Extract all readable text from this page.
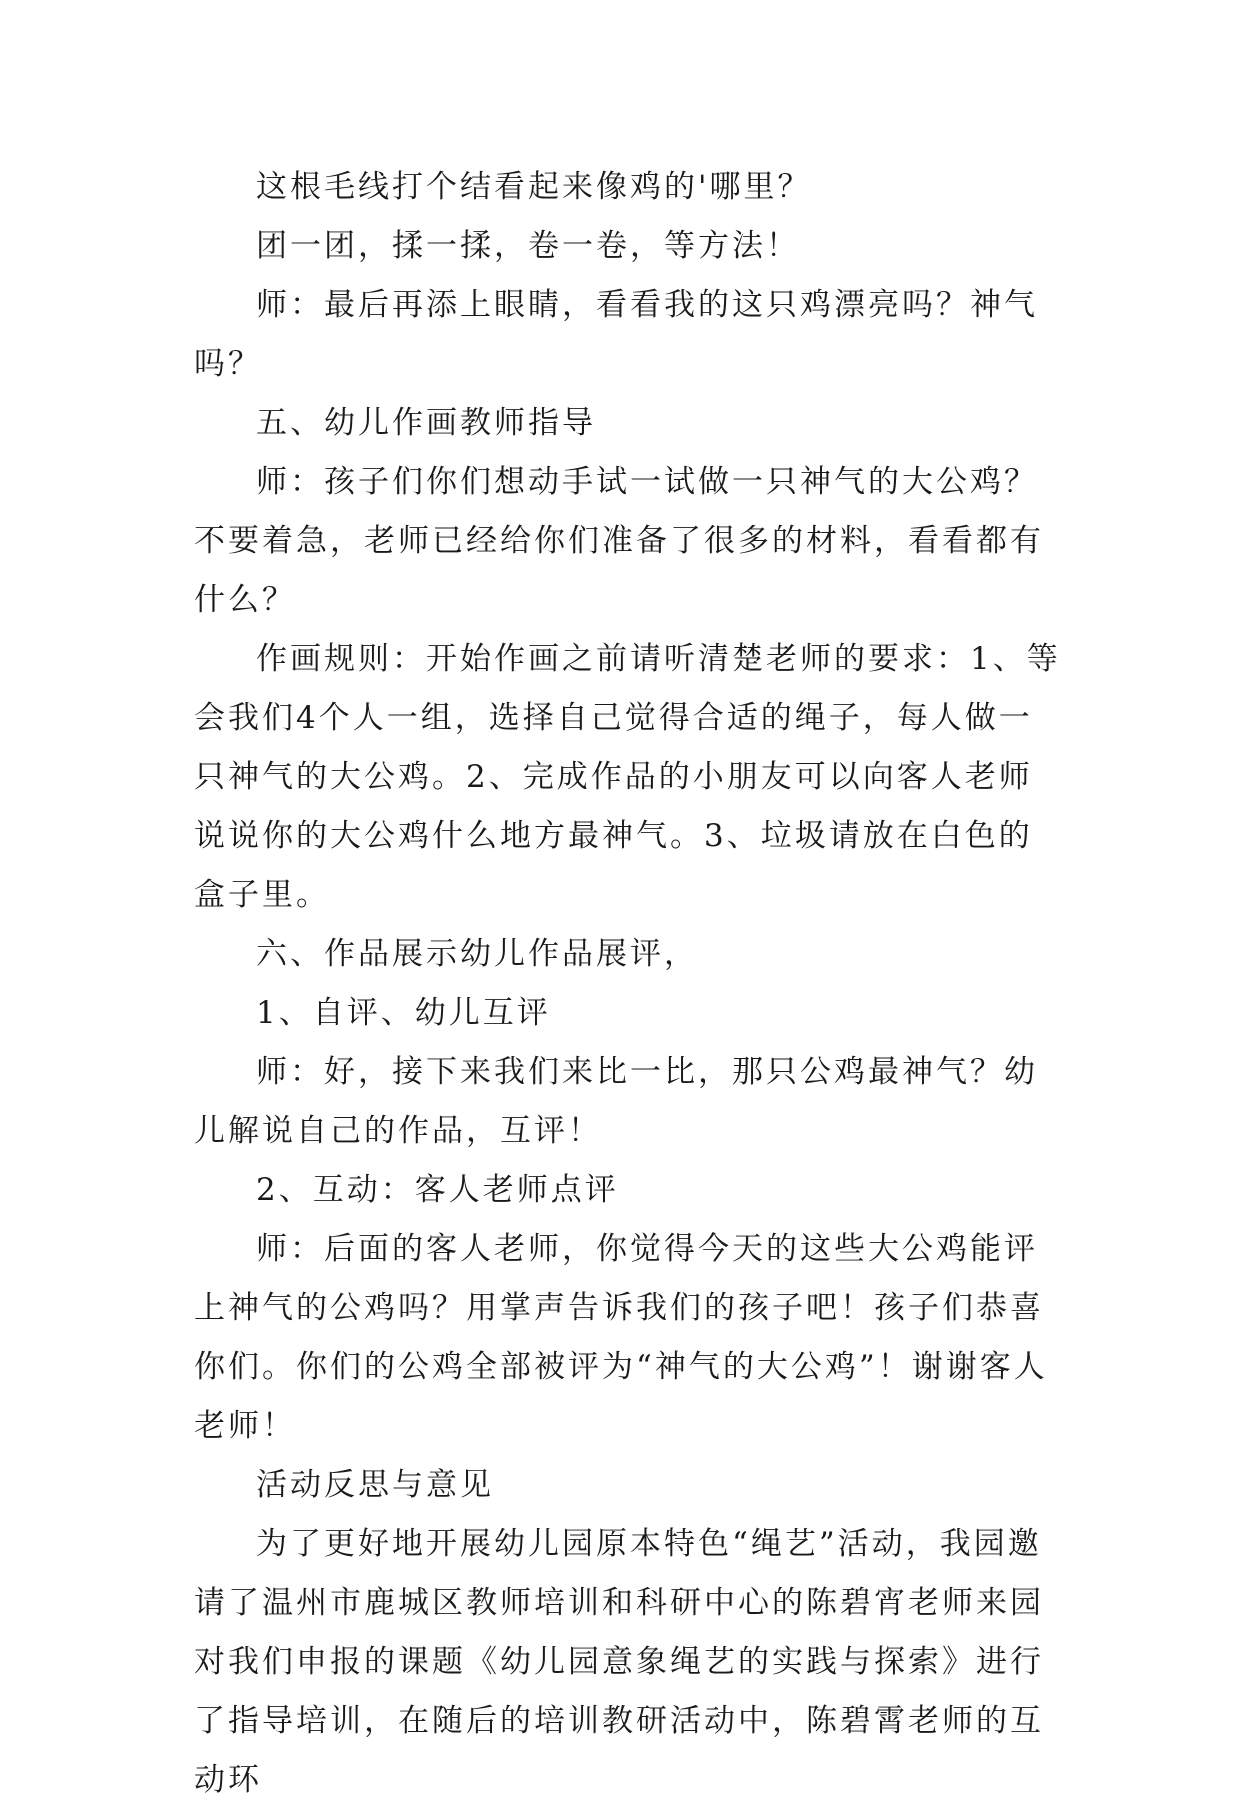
这根毛线打个结看起来像鸡的'哪里？

团一团，揉一揉，卷一卷，等方法！

师：最后再添上眼睛，看看我的这只鸡漂亮吗？神气吗？

五、幼儿作画教师指导

师：孩子们你们想动手试一试做一只神气的大公鸡？不要着急，老师已经给你们准备了很多的材料，看看都有什么？

作画规则：开始作画之前请听清楚老师的要求：1、等会我们4个人一组，选择自己觉得合适的绳子，每人做一只神气的大公鸡。2、完成作品的小朋友可以向客人老师说说你的大公鸡什么地方最神气。3、垃圾请放在白色的盒子里。

六、作品展示幼儿作品展评，

1、自评、幼儿互评

师：好，接下来我们来比一比，那只公鸡最神气？幼儿解说自己的作品，互评！

2、互动：客人老师点评

师：后面的客人老师，你觉得今天的这些大公鸡能评上神气的公鸡吗？用掌声告诉我们的孩子吧！孩子们恭喜你们。你们的公鸡全部被评为“神气的大公鸡”！谢谢客人老师！

活动反思与意见

为了更好地开展幼儿园原本特色“绳艺”活动，我园邀请了温州市鹿城区教师培训和科研中心的陈碧宵老师来园对我们申报的课题《幼儿园意象绳艺的实践与探索》进行了指导培训，在随后的培训教研活动中，陈碧霄老师的互动环
